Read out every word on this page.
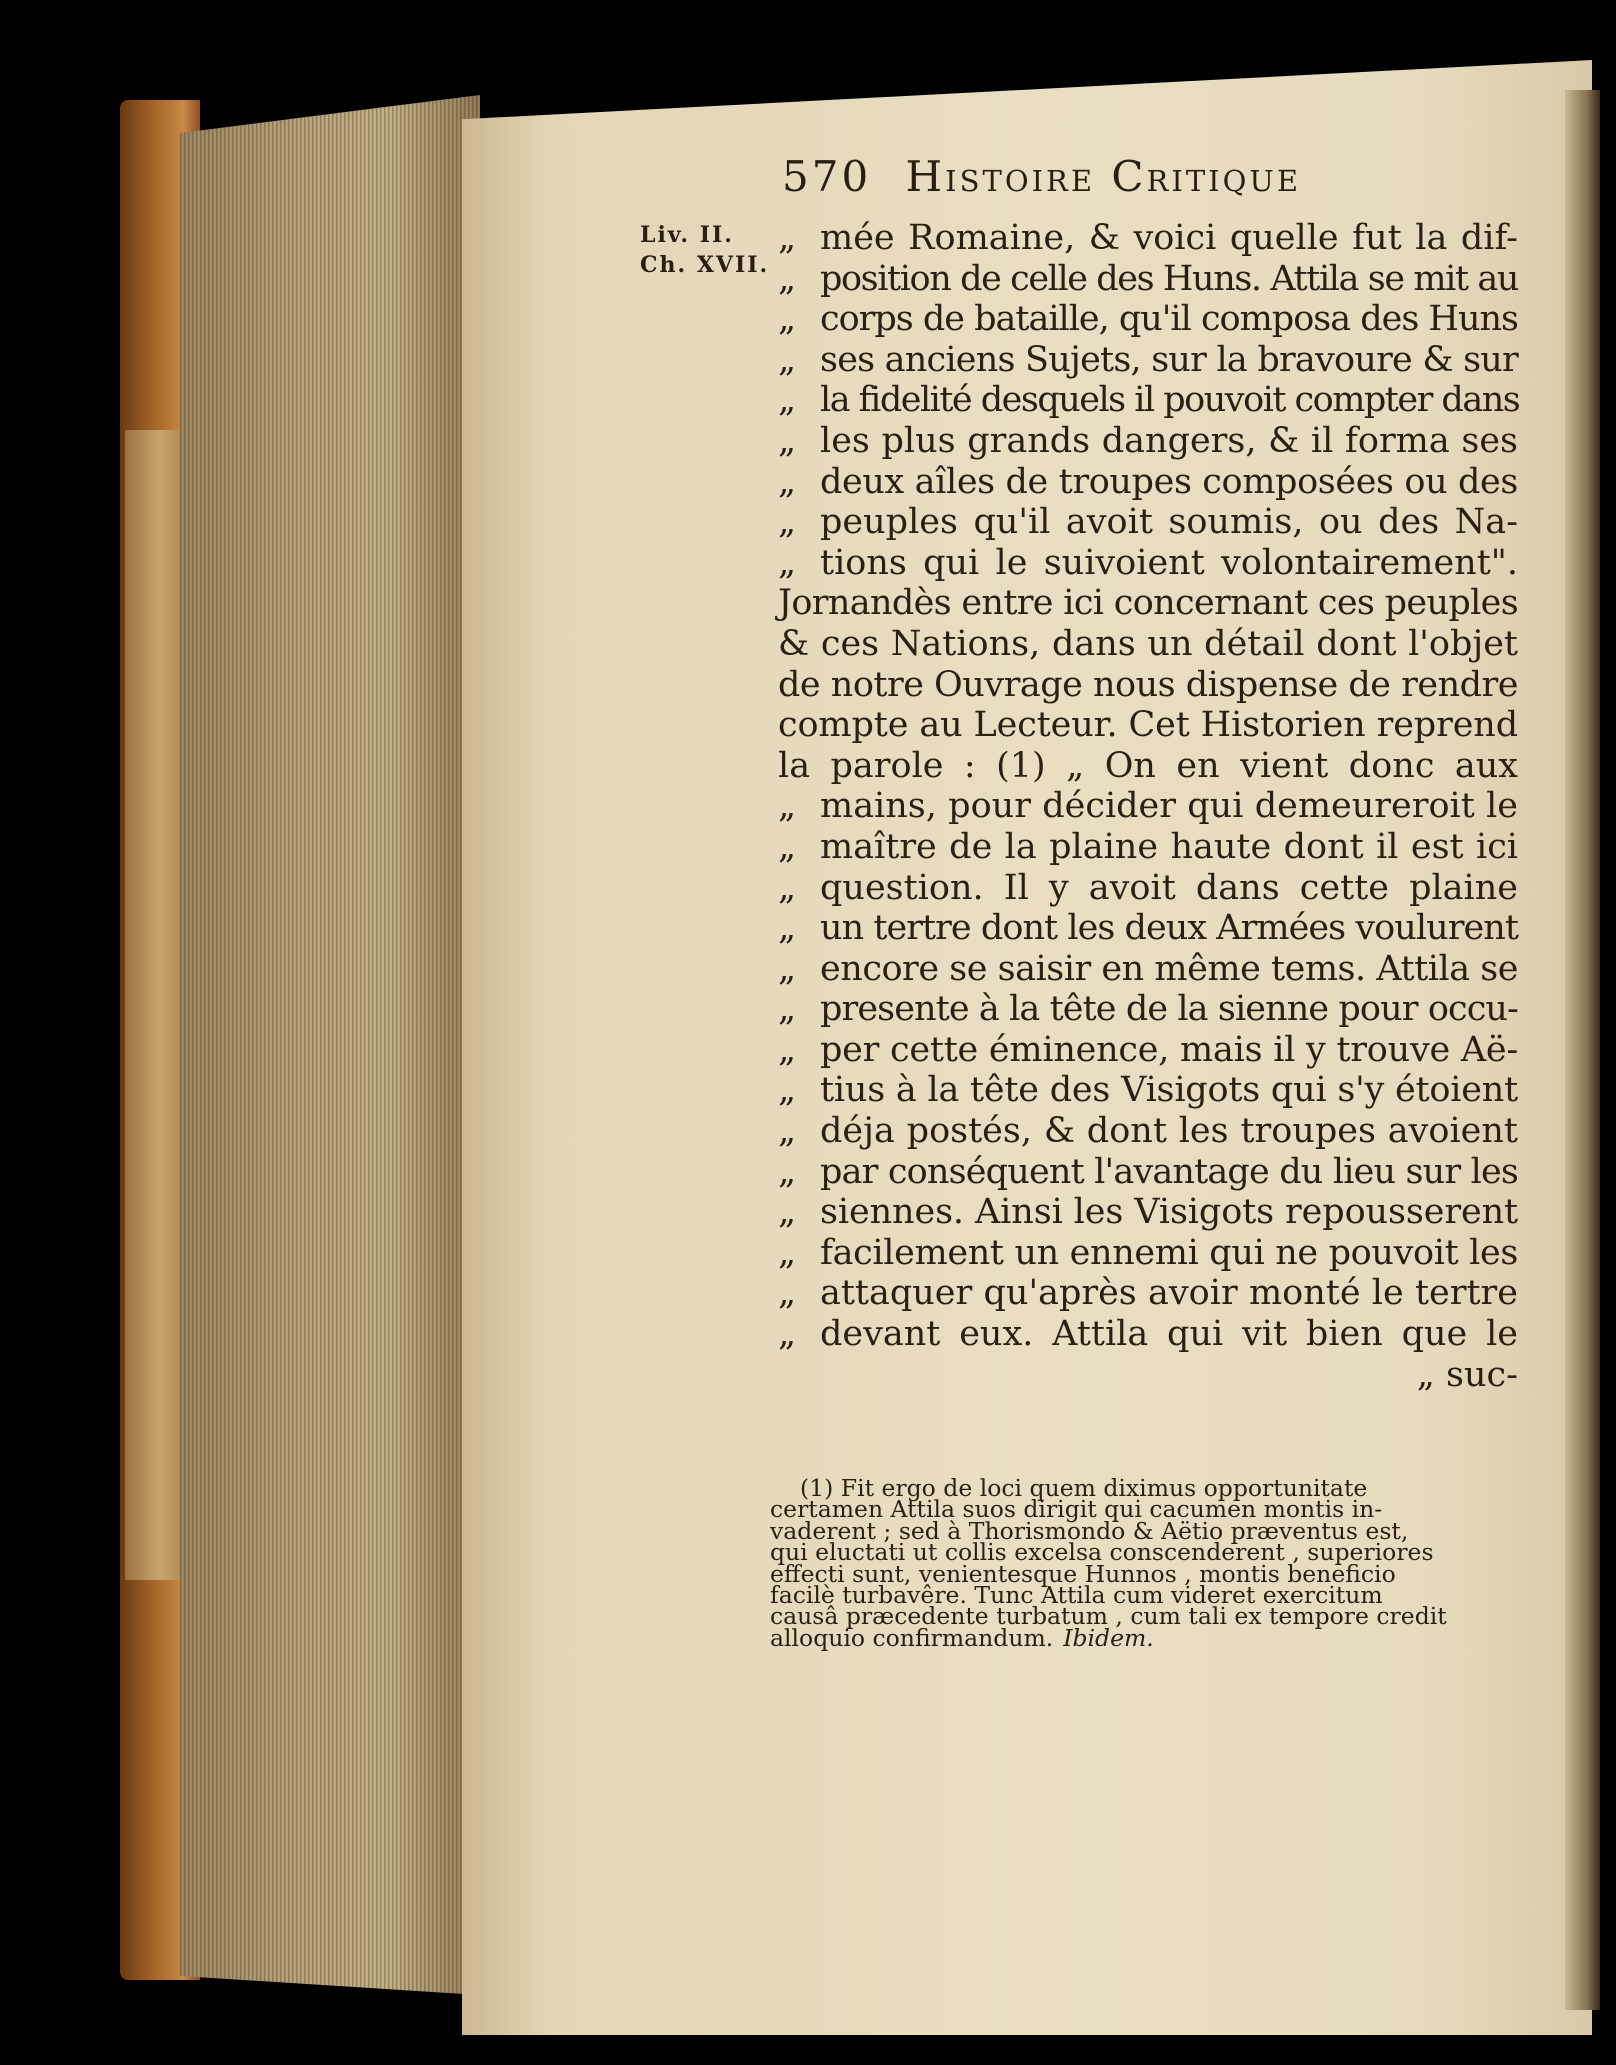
570 Histoire Critique
Liv. II.
Ch. XVII.
„ mée Romaine, & voici quelle fut la dif-
„ position de celle des Huns. Attila se mit au
„ corps de bataille, qu'il composa des Huns
„ ses anciens Sujets, sur la bravoure & sur
„ la fidelité desquels il pouvoit compter dans
„ les plus grands dangers, & il forma ses
„ deux aîles de troupes composées ou des
„ peuples qu'il avoit soumis, ou des Na-
„ tions qui le suivoient volontairement".
Jornandès entre ici concernant ces peuples
& ces Nations, dans un détail dont l'objet
de notre Ouvrage nous dispense de rendre
compte au Lecteur. Cet Historien reprend
la parole : (1) „ On en vient donc aux
„ mains, pour décider qui demeureroit le
„ maître de la plaine haute dont il est ici
„ question. Il y avoit dans cette plaine
„ un tertre dont les deux Armées voulurent
„ encore se saisir en même tems. Attila se
„ presente à la tête de la sienne pour occu-
„ per cette éminence, mais il y trouve Aë-
„ tius à la tête des Visigots qui s'y étoient
„ déja postés, & dont les troupes avoient
„ par conséquent l'avantage du lieu sur les
„ siennes. Ainsi les Visigots repousserent
„ facilement un ennemi qui ne pouvoit les
„ attaquer qu'après avoir monté le tertre
„ devant eux. Attila qui vit bien que le
„ suc-
(1) Fit ergo de loci quem diximus opportunitate
certamen Attila suos dirigit qui cacumen montis in-
vaderent ; sed à Thorismondo & Aëtio præventus est,
qui eluctati ut collis excelsa conscenderent , superiores
effecti sunt, venientesque Hunnos , montis beneficio
facilè turbavêre. Tunc Attila cum videret exercitum
causâ præcedente turbatum , cum tali ex tempore credit
alloquio confirmandum. Ibidem.
